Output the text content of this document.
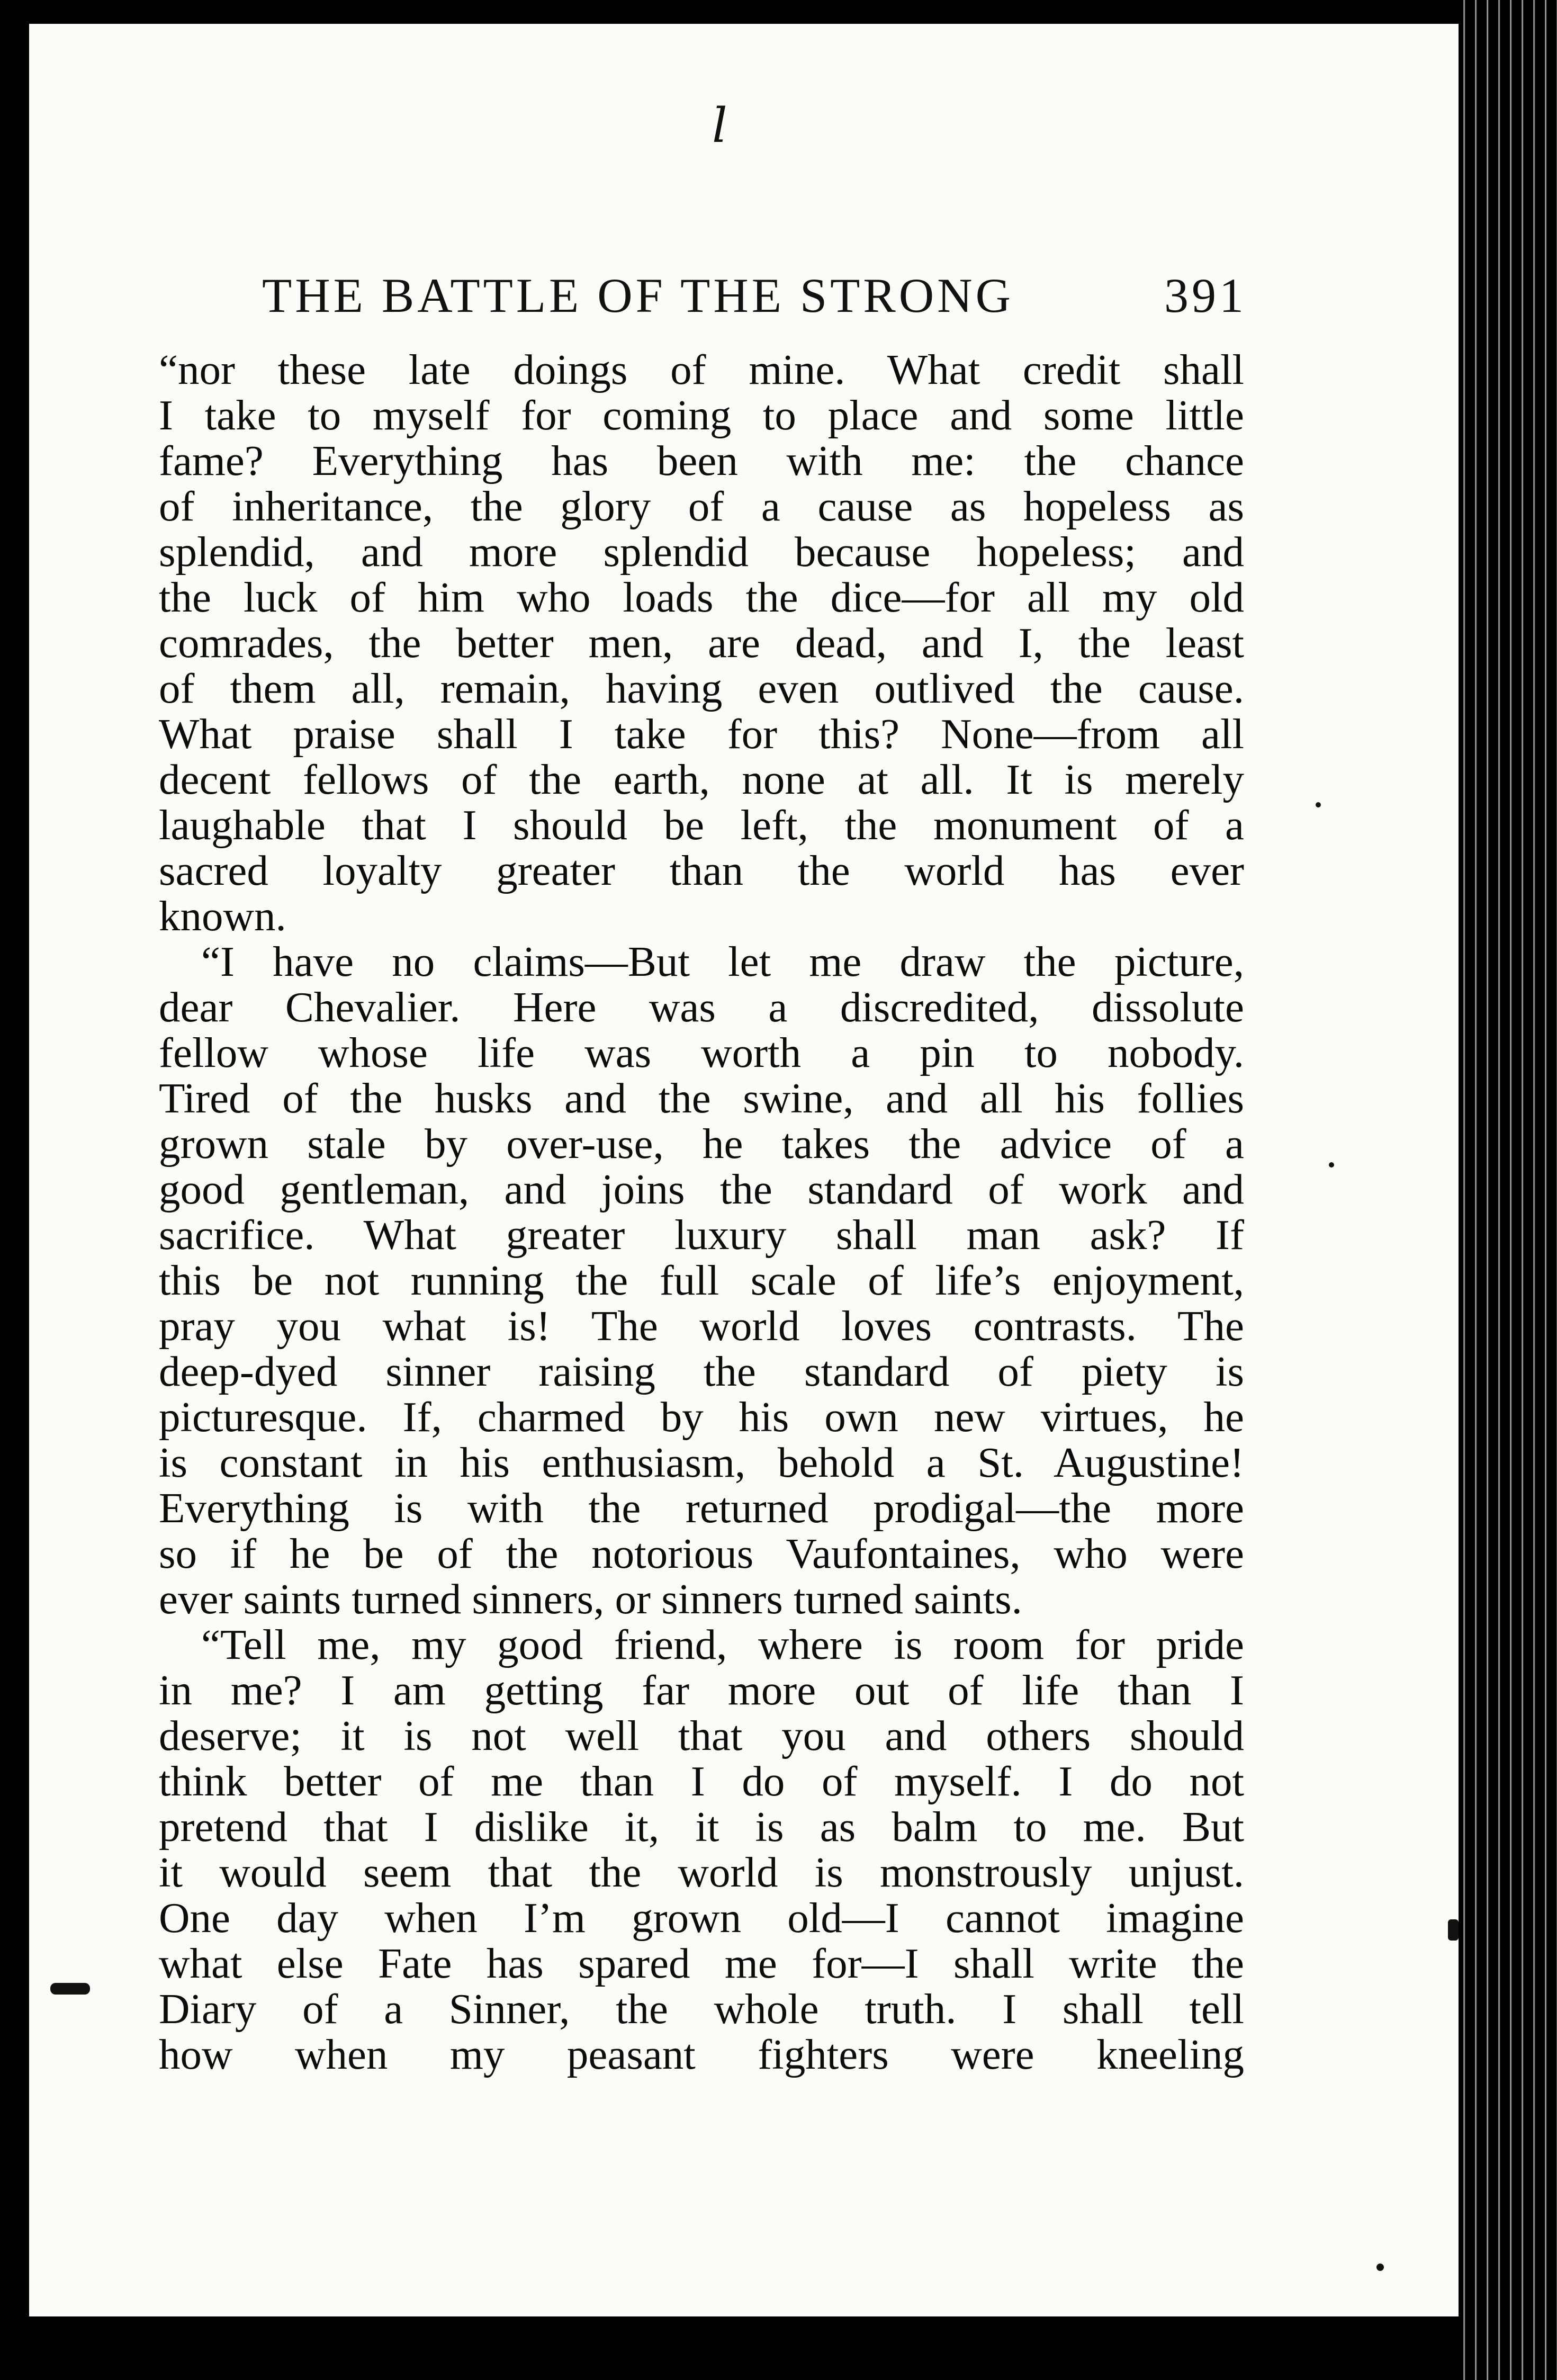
l
THE BATTLE OF THE STRONG	391
“nor these late doings of mine. What credit shall
I take to myself for coming to place and some little
fame? Everything has been with me: the chance
of inheritance, the glory of a cause as hopeless as
splendid, and more splendid because hopeless; and
the luck of him who loads the dice—for all my old
comrades, the better men, are dead, and I, the least
of them all, remain, having even outlived the cause.
What praise shall I take for this? None—from all
decent fellows of the earth, none at all. It is merely
laughable that I should be left, the monument of a
sacred loyalty greater than the world has ever
known.
“I have no claims—But let me draw the picture,
dear Chevalier. Here was a discredited, dissolute
fellow whose life was worth a pin to nobody.
Tired of the husks and the swine, and all his follies
grown stale by over-use, he takes the advice of a
good gentleman, and joins the standard of work and
sacrifice. What greater luxury shall man ask? If
this be not running the full scale of life’s enjoyment,
pray you what is! The world loves contrasts. The
deep-dyed sinner raising the standard of piety is
picturesque. If, charmed by his own new virtues, he
is constant in his enthusiasm, behold a St. Augustine!
Everything is with the returned prodigal—the more
so if he be of the notorious Vaufontaines, who were
ever saints turned sinners, or sinners turned saints.
“Tell me, my good friend, where is room for pride
in me? I am getting far more out of life than I
deserve; it is not well that you and others should
think better of me than I do of myself. I do not
pretend that I dislike it, it is as balm to me. But
it would seem that the world is monstrously unjust.
One day when I’m grown old—I cannot imagine
what else Fate has spared me for—I shall write the
Diary of a Sinner, the whole truth. I shall tell
how when my peasant fighters were kneeling
